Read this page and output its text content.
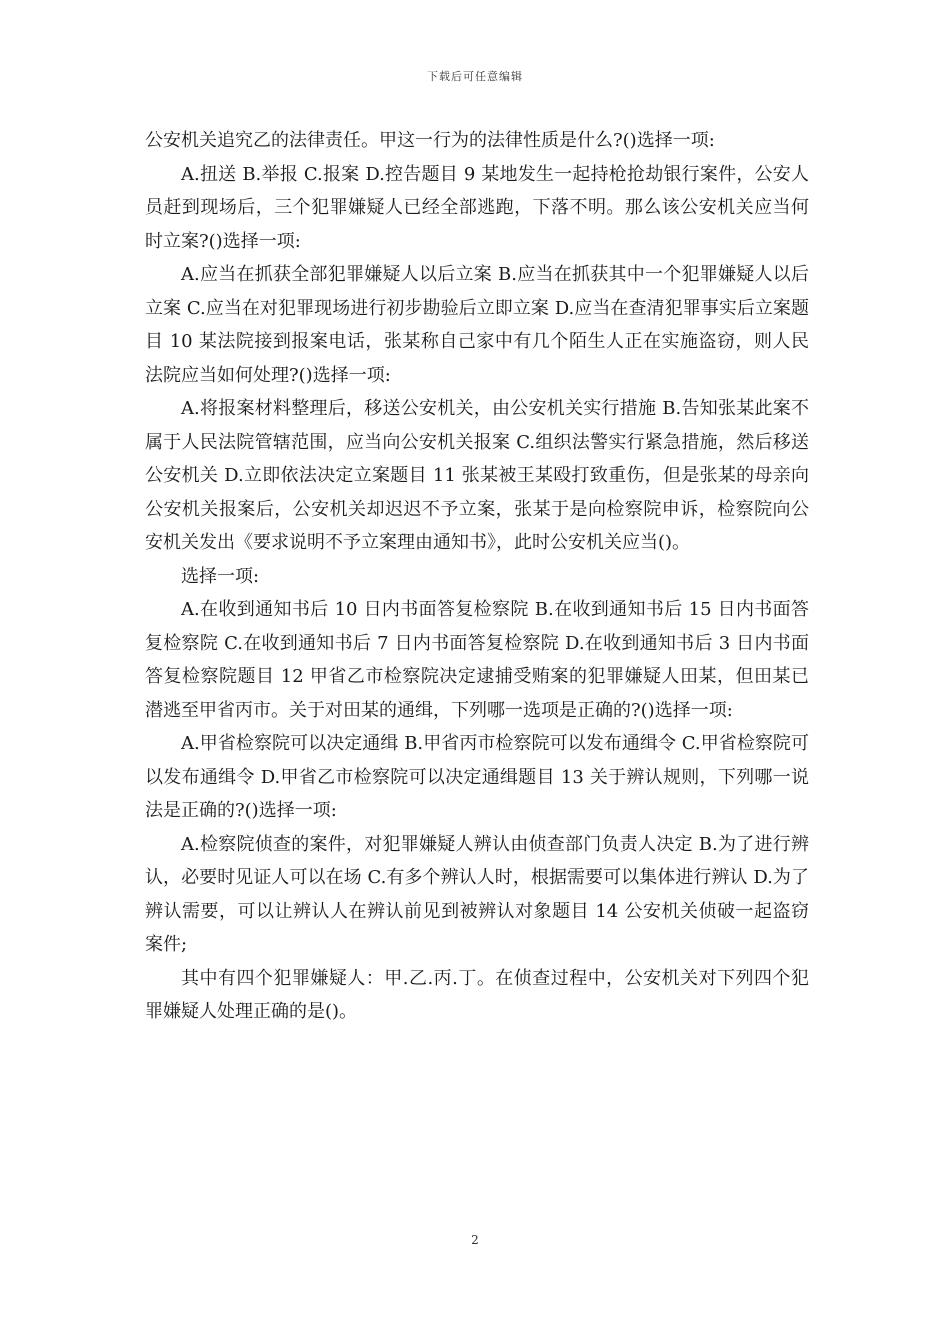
下载后可任意编辑

公安机关追究乙的法律责任。甲这一行为的法律性质是什么?()选择一项:

A.扭送 B.举报 C.报案 D.控告题目 9 某地发生一起持枪抢劫银行案件，公安人员赶到现场后，三个犯罪嫌疑人已经全部逃跑，下落不明。那么该公安机关应当何时立案?()选择一项:

A.应当在抓获全部犯罪嫌疑人以后立案 B.应当在抓获其中一个犯罪嫌疑人以后立案 C.应当在对犯罪现场进行初步勘验后立即立案 D.应当在查清犯罪事实后立案题目 10 某法院接到报案电话，张某称自己家中有几个陌生人正在实施盗窃，则人民法院应当如何处理?()选择一项:

A.将报案材料整理后，移送公安机关，由公安机关实行措施 B.告知张某此案不属于人民法院管辖范围，应当向公安机关报案 C.组织法警实行紧急措施，然后移送公安机关 D.立即依法决定立案题目 11 张某被王某殴打致重伤，但是张某的母亲向公安机关报案后，公安机关却迟迟不予立案，张某于是向检察院申诉，检察院向公安机关发出《要求说明不予立案理由通知书》，此时公安机关应当()。

选择一项:

A.在收到通知书后 10 日内书面答复检察院 B.在收到通知书后 15 日内书面答复检察院 C.在收到通知书后 7 日内书面答复检察院 D.在收到通知书后 3 日内书面答复检察院题目 12 甲省乙市检察院决定逮捕受贿案的犯罪嫌疑人田某，但田某已潜逃至甲省丙市。关于对田某的通缉，下列哪一选项是正确的?()选择一项:

A.甲省检察院可以决定通缉 B.甲省丙市检察院可以发布通缉令 C.甲省检察院可以发布通缉令 D.甲省乙市检察院可以决定通缉题目 13 关于辨认规则，下列哪一说法是正确的?()选择一项:

A.检察院侦查的案件，对犯罪嫌疑人辨认由侦查部门负责人决定 B.为了进行辨认，必要时见证人可以在场 C.有多个辨认人时，根据需要可以集体进行辨认 D.为了辨认需要，可以让辨认人在辨认前见到被辨认对象题目 14 公安机关侦破一起盗窃案件;

其中有四个犯罪嫌疑人：甲.乙.丙.丁。在侦查过程中，公安机关对下列四个犯罪嫌疑人处理正确的是()。

2
